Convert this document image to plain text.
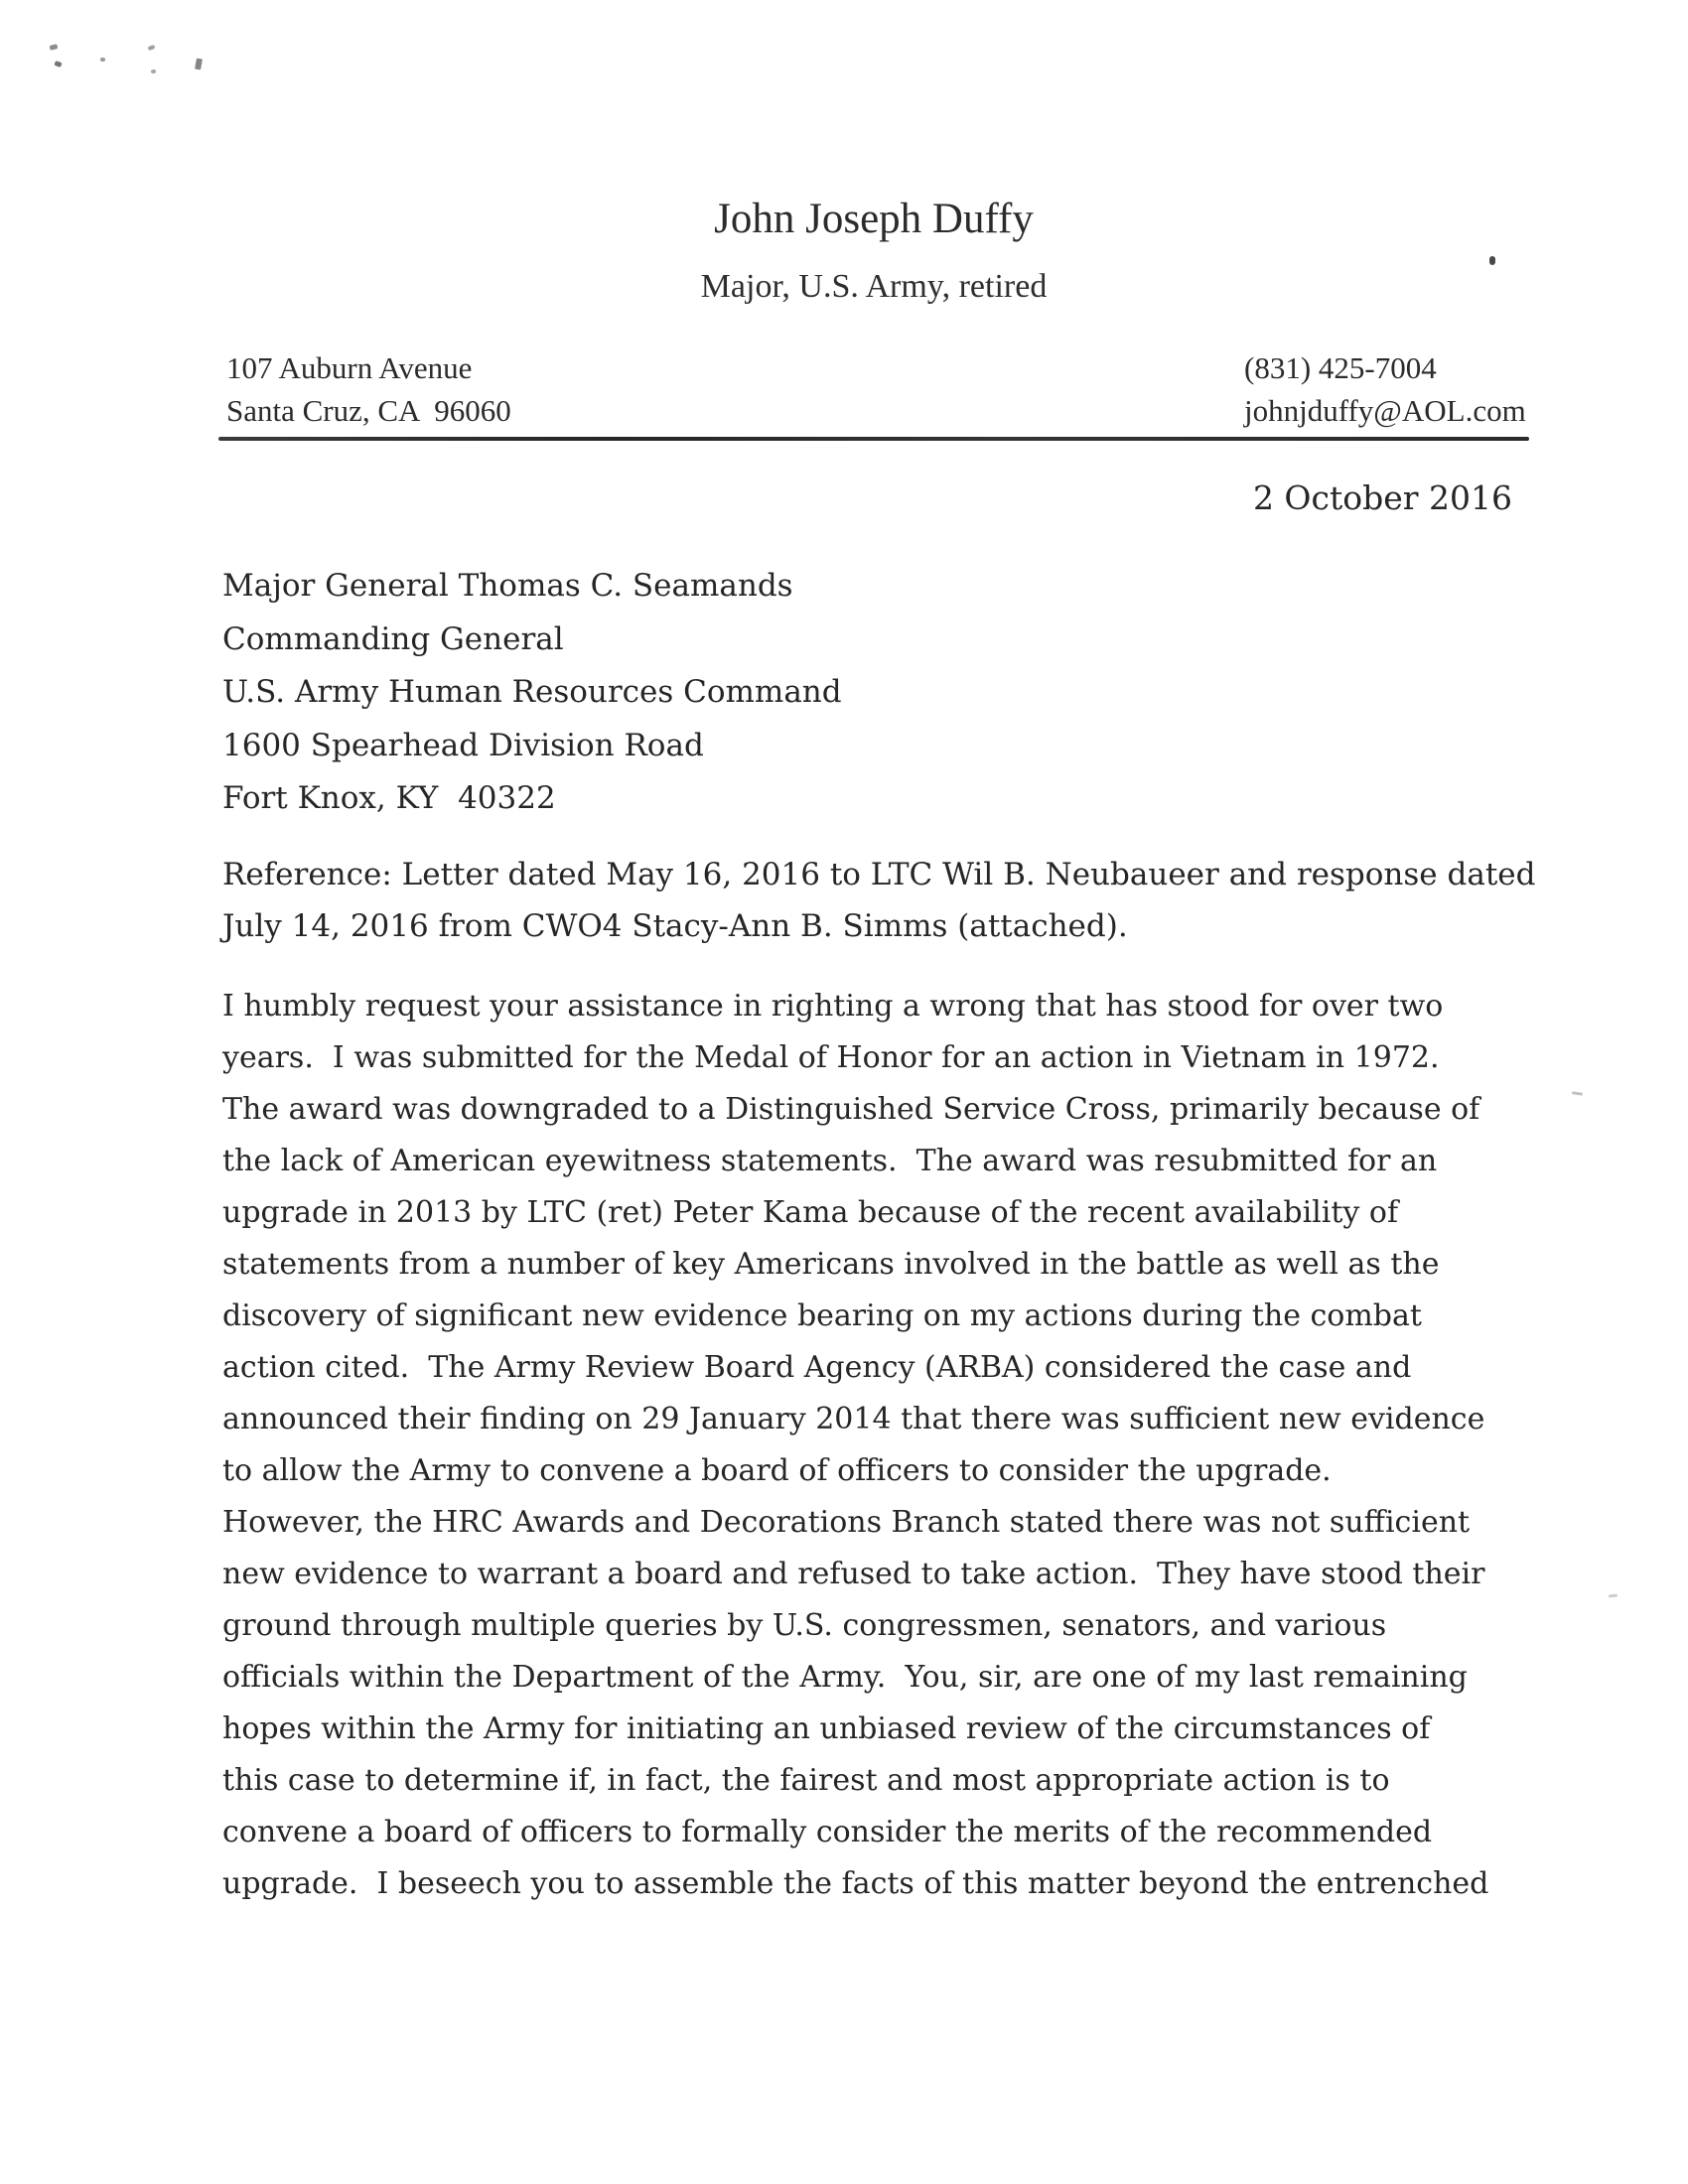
John Joseph Duffy
Major, U.S. Army, retired
107 Auburn Avenue
Santa Cruz, CA  96060
(831) 425-7004
johnjduffy@AOL.com
2 October 2016
Major General Thomas C. Seamands
Commanding General
U.S. Army Human Resources Command
1600 Spearhead Division Road
Fort Knox, KY  40322
Reference: Letter dated May 16, 2016 to LTC Wil B. Neubaueer and response dated
July 14, 2016 from CWO4 Stacy-Ann B. Simms (attached).
I humbly request your assistance in righting a wrong that has stood for over two
years.  I was submitted for the Medal of Honor for an action in Vietnam in 1972.
The award was downgraded to a Distinguished Service Cross, primarily because of
the lack of American eyewitness statements.  The award was resubmitted for an
upgrade in 2013 by LTC (ret) Peter Kama because of the recent availability of
statements from a number of key Americans involved in the battle as well as the
discovery of significant new evidence bearing on my actions during the combat
action cited.  The Army Review Board Agency (ARBA) considered the case and
announced their finding on 29 January 2014 that there was sufficient new evidence
to allow the Army to convene a board of officers to consider the upgrade.
However, the HRC Awards and Decorations Branch stated there was not sufficient
new evidence to warrant a board and refused to take action.  They have stood their
ground through multiple queries by U.S. congressmen, senators, and various
officials within the Department of the Army.  You, sir, are one of my last remaining
hopes within the Army for initiating an unbiased review of the circumstances of
this case to determine if, in fact, the fairest and most appropriate action is to
convene a board of officers to formally consider the merits of the recommended
upgrade.  I beseech you to assemble the facts of this matter beyond the entrenched
